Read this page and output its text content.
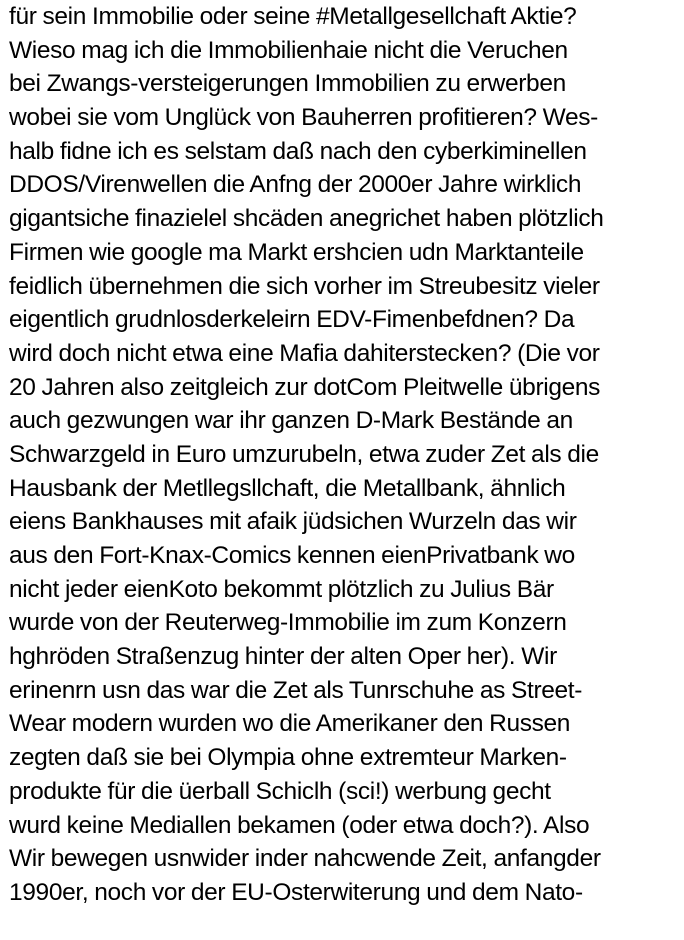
für sein Immobilie oder seine #Metallgesellchaft Aktie?
Wieso mag ich die Immobilienhaie nicht die Veruchen
bei Zwangs-versteigerungen Immobilien zu erwerben
wobei sie vom Unglück von Bauherren profitieren? Wes-
halb fidne ich es selstam daß nach den cyberkiminellen
DDOS/Virenwellen die Anfng der 2000er Jahre wirklich
gigantsiche finazielel shcäden anegrichet haben plötzlich
Firmen wie google ma Markt ershcien udn Marktanteile
feidlich übernehmen die sich vorher im Streubesitz vieler
eigentlich grudnlosderkeleirn EDV-Fimenbefdnen? Da
wird doch nicht etwa eine Mafia dahiterstecken? (Die vor
20 Jahren also zeitgleich zur dotCom Pleitwelle übrigens
auch gezwungen war ihr ganzen D-Mark Bestände an
Schwarzgeld in Euro umzurubeln, etwa zuder Zet als die
Hausbank der Metllegsllchaft, die Metallbank, ähnlich
eiens Bankhauses mit afaik jüdsichen Wurzeln das wir
aus den Fort-Knax-Comics kennen eienPrivatbank wo
nicht jeder eienKoto bekommt plötzlich zu Julius Bär
wurde von der Reuterweg-Immobilie im zum Konzern
hghröden Straßenzug hinter der alten Oper her). Wir
erinenrn usn das war die Zet als Tunrschuhe as Street-
Wear modern wurden wo die Amerikaner den Russen
zegten daß sie bei Olympia ohne extremteur Marken-
produkte für die üerball Schiclh (sci!) werbung gecht
wurd keine Mediallen bekamen (oder etwa doch?). Also
Wir bewegen usnwider inder nahcwende Zeit, anfangder
1990er, noch vor der EU-Osterwiterung und dem Nato-
